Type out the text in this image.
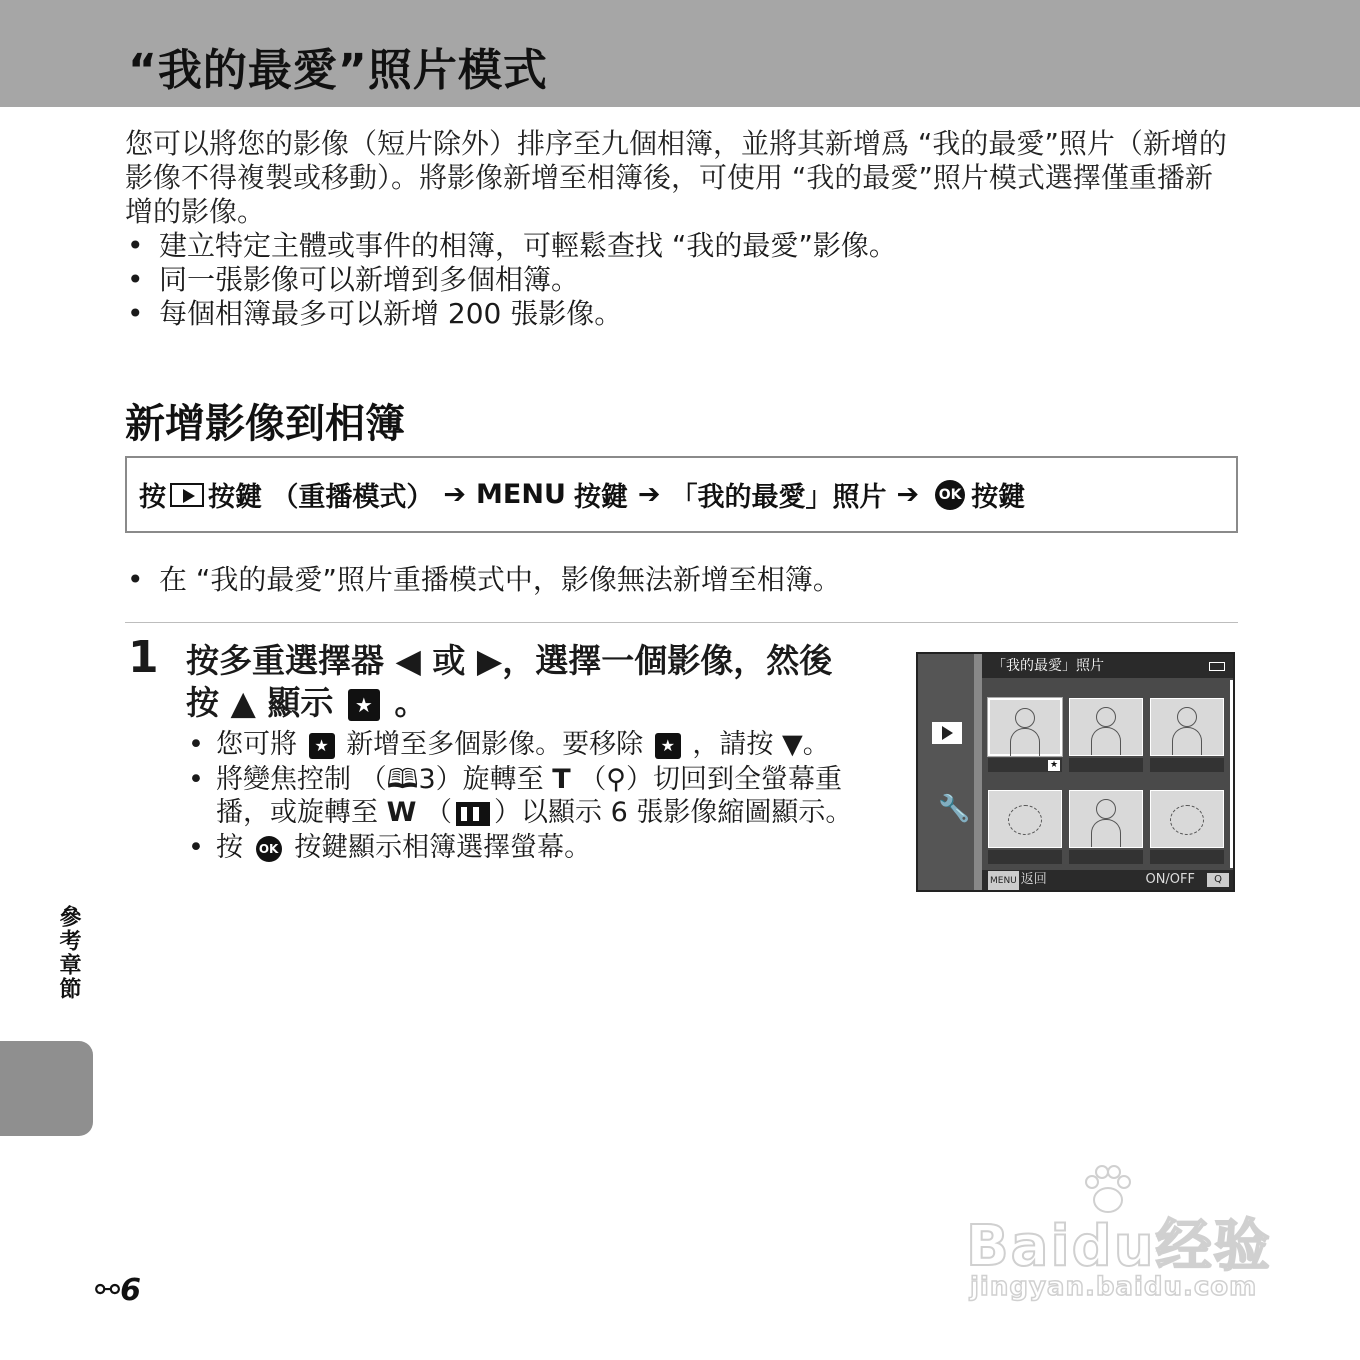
“我的最愛”照片模式

您可以將您的影像（短片除外）排序至九個相簿，並將其新增爲 “我的最愛”照片（新增的影像不得複製或移動）。將影像新增至相簿後，可使用 “我的最愛”照片模式選擇僅重播新增的影像。

• 建立特定主體或事件的相簿，可輕鬆查找 “我的最愛”影像。
• 同一張影像可以新增到多個相簿。
• 每個相簿最多可以新增 200 張影像。
新增影像到相簿
按 按鍵 （重播模式） ➔ MENU 按鍵 ➔ 「我的最愛」照片 ➔ OK 按鍵

• 在 “我的最愛”照片重播模式中，影像無法新增至相簿。

1 按多重選擇器 ◀ 或 ▶，選擇一個影像，然後
按 ▲ 顯示 ★ 。
• 您可將 ★ 新增至多個影像。要移除 ★ ，請按 ▼。
• 將變焦控制 （🕮3）旋轉至 T （⚲）切回到全螢幕重播，或旋轉至 W （ ）以顯示 6 張影像縮圖顯示。
• 按 OK 按鍵顯示相簿選擇螢幕。
🔧
「我的最愛」照片
★
MENU 返回	ON/OFF	Q
參考章節
⚯6
Baidu经验
jingyan.baidu.com
